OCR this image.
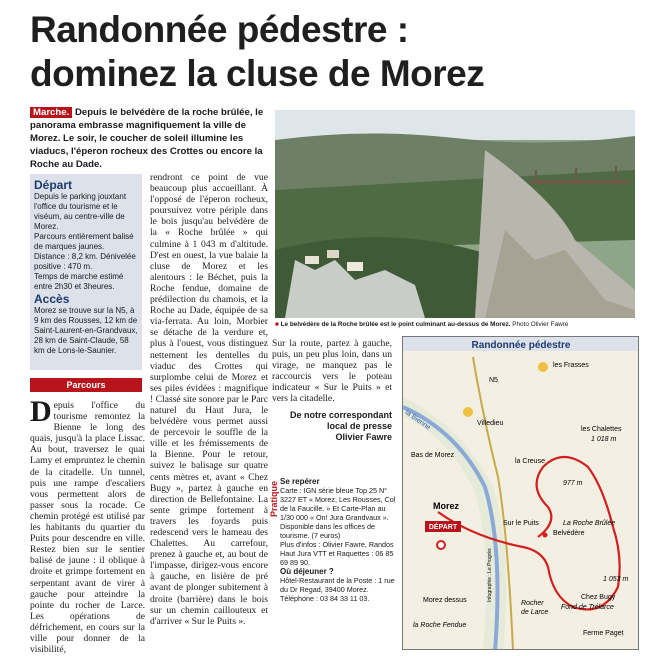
Randonnée pédestre :
dominez la cluse de Morez
Marche. Depuis le belvédère de la roche brûlée, le panorama embrasse magnifiquement la ville de Morez. Le soir, le coucher de soleil illumine les viaducs, l'éperon rocheux des Crottes ou encore la Roche au Dade.
Départ

Depuis le parking jouxtant l'office du tourisme et le viséum, au centre-ville de Morez.

Parcours entièrement balisé de marques jaunes.

Distance : 8,2 km. Dénivelée positive : 470 m.

Temps de marche estimé entre 2h30 et 3heures.

Accès

Morez se trouve sur la N5, à 9 km des Rousses, 12 km de Saint-Laurent-en-Grandvaux, 28 km de Saint-Claude, 58 km de Lons-le-Saunier.

Parcours
Depuis l'office du tourisme remontez la Bienne le long des quais, jusqu'à la place Lissac. Au bout, traversez le quai Lamy et empruntez le chemin de la citadelle. Un tunnel, puis une rampe d'escaliers vous permettent alors de passer sous la rocade. Ce chemin protégé est utilisé par les habitants du quartier du Puits pour descendre en ville. Restez bien sur le sentier balisé de jaune : il oblique à droite et grimpe fortement en serpentant avant de virer à gauche pour atteindre la pointe du rocher de Larce. Les opérations de défrichement, en cours sur la ville pour donner de la visibilité,
rendront ce point de vue beaucoup plus accueillant. À l'opposé de l'éperon rocheux, poursuivez votre périple dans le bois jusqu'au belvédère de la « Roche brûlée » qui culmine à 1 043 m d'altitude. D'est en ouest, la vue balaie la cluse de Morez et les alentours : le Béchet, puis la Roche fendue, domaine de prédilection du chamois, et la Roche au Dade, équipée de sa via-ferrata. Au loin, Morbier se détache de la verdure et, plus à l'ouest, vous distinguez nettement les dentelles du viaduc des Crottes qui surplombe celui de Morez et ses piles évidées : magnifique ! Classé site sonore par le Parc naturel du Haut Jura, le belvédère vous permet aussi de percevoir le souffle de la ville et les frémissements de la Bienne. Pour le retour, suivez le balisage sur quatre cents mètres et, avant « Chez Bugy », partez à gauche en direction de Bellefontaine. La sente grimpe fortement à travers les foyards puis redescend vers le hameau des Chalettes. Au carrefour, prenez à gauche et, au bout de l'impasse, dirigez-vous encore à gauche, en lisière de pré avant de plonger subitement à droite (barrière) dans le bois sur un chemin caillouteux et d'arriver « Sur le Puits ».
■ Le belvédère de la Roche brûlée est le point culminant au-dessus de Morez. Photo Olivier Fawre
Sur la route, partez à gauche, puis, un peu plus loin, dans un virage, ne manquez pas le raccourcis vers le poteau indicateur « Sur le Puits » et vers la citadelle.
De notre correspondant local de presse
Olivier Fawre
Pratique Se repérer
Carte : IGN série bleue Top 25 N° 3227 ET « Morez, Les Rousses, Col de la Faucille. » Et Carte-Plan au 1/30 000 « On! Jura Grandvaux ». Disponible dans les offices de tourisme. (7 euros)
Plus d'infos : Olivier Fawre, Randos Haut Jura VTT et Raquettes : 06 85 69 89 90.
Où déjeuner ?
Hôtel-Restaurant de la Poste : 1 rue du Dr Regad, 39400 Morez. Téléphone : 03 84 33 11 03.
Randonnée pédestre
DÉPART
les Frasses
Villedieu
les Chalettes
1 018 m
la Creuse
977 m
Bas de Morez
Morez
Sur le Puits	La Roche Brûlée
Belvédère
1 053 m
Chez Bugy
Morez dessus	Rocher
de Larce
Fond de Trélarce
la Roche Fendue
Ferme Paget
la Bienne
N5
Infographie : Le Progrès
